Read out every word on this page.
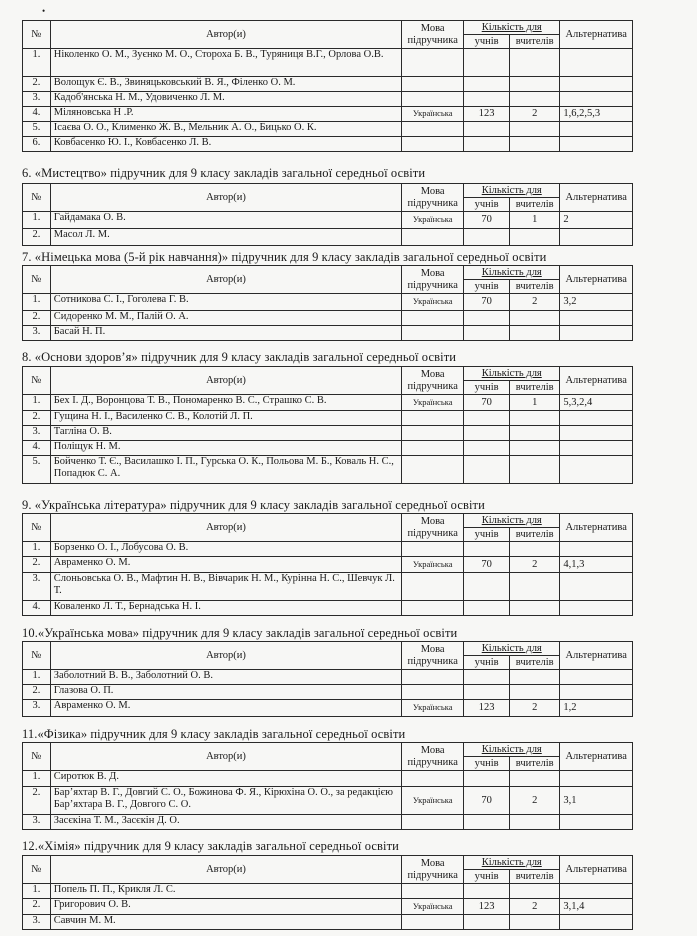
•
№	Автор(и)	Мова
підручника	Кількість для		Альтернатива
			учнів	вчителів	
1.	Ніколенко О. М., Зуєнко М. О., Стороха Б. В., Туряниця В.Г., Орлова О.В.				
2.	Волощук Є. В., Звиняцьковський В. Я., Філенко О. М.				
3.	Кадоб'янська Н. М., Удовиченко Л. М.				
4.	Міляновська Н .Р.	Українська	123	2	1,6,2,5,3
5.	Ісаєва О. О., Клименко Ж. В., Мельник А. О., Бицько О. К.				
6.	Ковбасенко Ю. І., Ковбасенко Л. В.				
6. «Мистецтво» підручник для 9 класу закладів загальної середньої освіти
№	Автор(и)	Мова
підручника	Кількість для		Альтернатива
			учнів	вчителів	
1.	Гайдамака О. В.	Українська	70	1	2
2.	Масол Л. М.				
7. «Німецька мова (5-й рік навчання)» підручник для 9 класу закладів загальної середньої освіти
№	Автор(и)	Мова
підручника	Кількість для		Альтернатива
			учнів	вчителів	
1.	Сотникова С. І., Гоголева Г. В.	Українська	70	2	3,2
2.	Сидоренко М. М., Палій О. А.				
3.	Басай Н. П.				
8. «Основи здоров’я» підручник для 9 класу закладів загальної середньої освіти
№	Автор(и)	Мова
підручника	Кількість для		Альтернатива
			учнів	вчителів	
1.	Бех І. Д., Воронцова Т. В., Пономаренко В. С., Страшко С. В.	Українська	70	1	5,3,2,4
2.	Гущина Н. І., Василенко С. В., Колотій Л. П.				
3.	Тагліна О. В.				
4.	Поліщук Н. М.				
5.	Бойченко Т. Є., Василашко І. П., Гурська О. К., Польова М. Б., Коваль Н. С., Попадюк С. А.				
9. «Українська література» підручник для 9 класу закладів загальної середньої освіти
№	Автор(и)	Мова
підручника	Кількість для		Альтернатива
			учнів	вчителів	
1.	Борзенко О. І., Лобусова О. В.				
2.	Авраменко О. М.	Українська	70	2	4,1,3
3.	Слоньовська О. В., Мафтин Н. В., Вівчарик Н. М., Курінна Н. С., Шевчук Л. Т.				
4.	Коваленко Л. Т., Бернадська Н. І.				
10.«Українська мова» підручник для 9 класу закладів загальної середньої освіти
№	Автор(и)	Мова
підручника	Кількість для		Альтернатива
			учнів	вчителів	
1.	Заболотний В. В., Заболотний О. В.				
2.	Глазова О. П.				
3.	Авраменко О. М.	Українська	123	2	1,2
11.«Фізика» підручник для 9 класу закладів загальної середньої освіти
№	Автор(и)	Мова
підручника	Кількість для		Альтернатива
			учнів	вчителів	
1.	Сиротюк В. Д.				
2.	Бар’яхтар В. Г., Довгий С. О., Божинова Ф. Я., Кірюхіна О. О., за редакцією Бар’яхтара В. Г., Довгого С. О.	Українська	70	2	3,1
3.	Засєкіна Т. М., Засєкін Д. О.				
12.«Хімія» підручник для 9 класу закладів загальної середньої освіти
№	Автор(и)	Мова
підручника	Кількість для		Альтернатива
			учнів	вчителів	
1.	Попель П. П., Крикля Л. С.				
2.	Григорович О. В.	Українська	123	2	3,1,4
3.	Савчин М. М.				
